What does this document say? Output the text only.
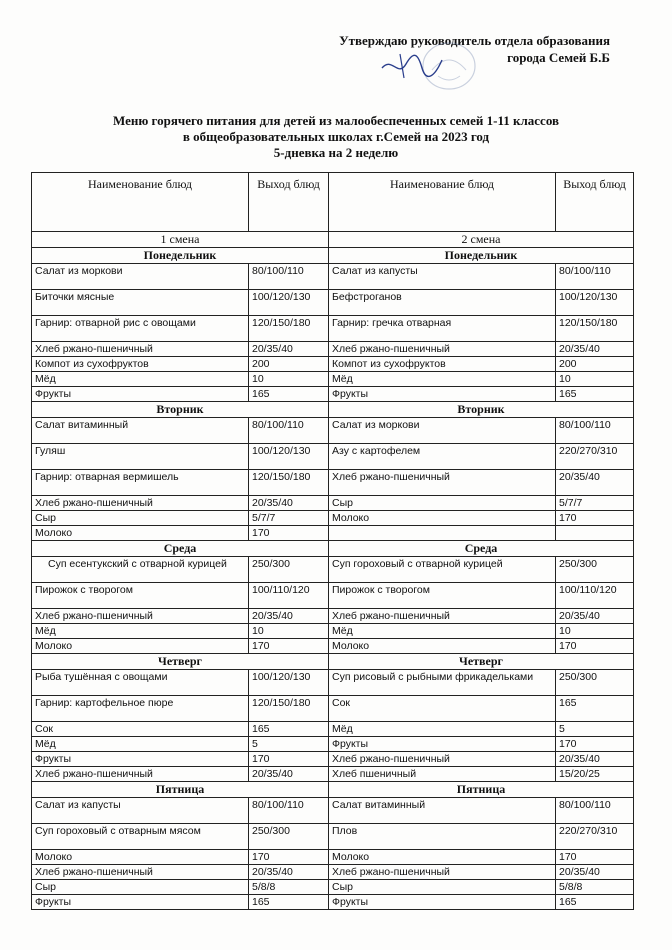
Утверждаю руководитель отдела образования
города Семей Б.Б
Меню горячего питания для детей из малообеспеченных семей 1-11 классов
в общеобразовательных школах г.Семей на 2023 год
5-дневка на 2 неделю
Наименование блюд	Выход блюд	Наименование блюд	Выход блюд
1 смена		2 смена	
Понедельник		Понедельник	
Салат из моркови	80/100/110	Салат из капусты	80/100/110
Биточки мясные	100/120/130	Бефстроганов	100/120/130
Гарнир: отварной рис с овощами	120/150/180	Гарнир: гречка отварная	120/150/180
Хлеб ржано-пшеничный	20/35/40	Хлеб ржано-пшеничный	20/35/40
Компот из сухофруктов	200	Компот из сухофруктов	200
Мёд	10	Мёд	10
Фрукты	165	Фрукты	165
Вторник		Вторник	
Салат витаминный	80/100/110	Салат из моркови	80/100/110
Гуляш	100/120/130	Азу с картофелем	220/270/310
Гарнир: отварная вермишель	120/150/180	Хлеб ржано-пшеничный	20/35/40
Хлеб ржано-пшеничный	20/35/40	Сыр	5/7/7
Сыр	5/7/7	Молоко	170
Молоко	170		
Среда		Среда	
Суп есентукский с отварной курицей	250/300	Суп гороховый с отварной курицей	250/300
Пирожок с творогом	100/110/120	Пирожок с творогом	100/110/120
Хлеб ржано-пшеничный	20/35/40	Хлеб ржано-пшеничный	20/35/40
Мёд	10	Мёд	10
Молоко	170	Молоко	170
Четверг		Четверг	
Рыба тушённая с овощами	100/120/130	Суп рисовый с рыбными фрикадельками	250/300
Гарнир: картофельное пюре	120/150/180	Сок	165
Сок	165	Мёд	5
Мёд	5	Фрукты	170
Фрукты	170	Хлеб ржано-пшеничный	20/35/40
Хлеб ржано-пшеничный	20/35/40	Хлеб пшеничный	15/20/25
Пятница		Пятница	
Салат из капусты	80/100/110	Салат витаминный	80/100/110
Суп гороховый с отварным мясом	250/300	Плов	220/270/310
Молоко	170	Молоко	170
Хлеб ржано-пшеничный	20/35/40	Хлеб ржано-пшеничный	20/35/40
Сыр	5/8/8	Сыр	5/8/8
Фрукты	165	Фрукты	165
